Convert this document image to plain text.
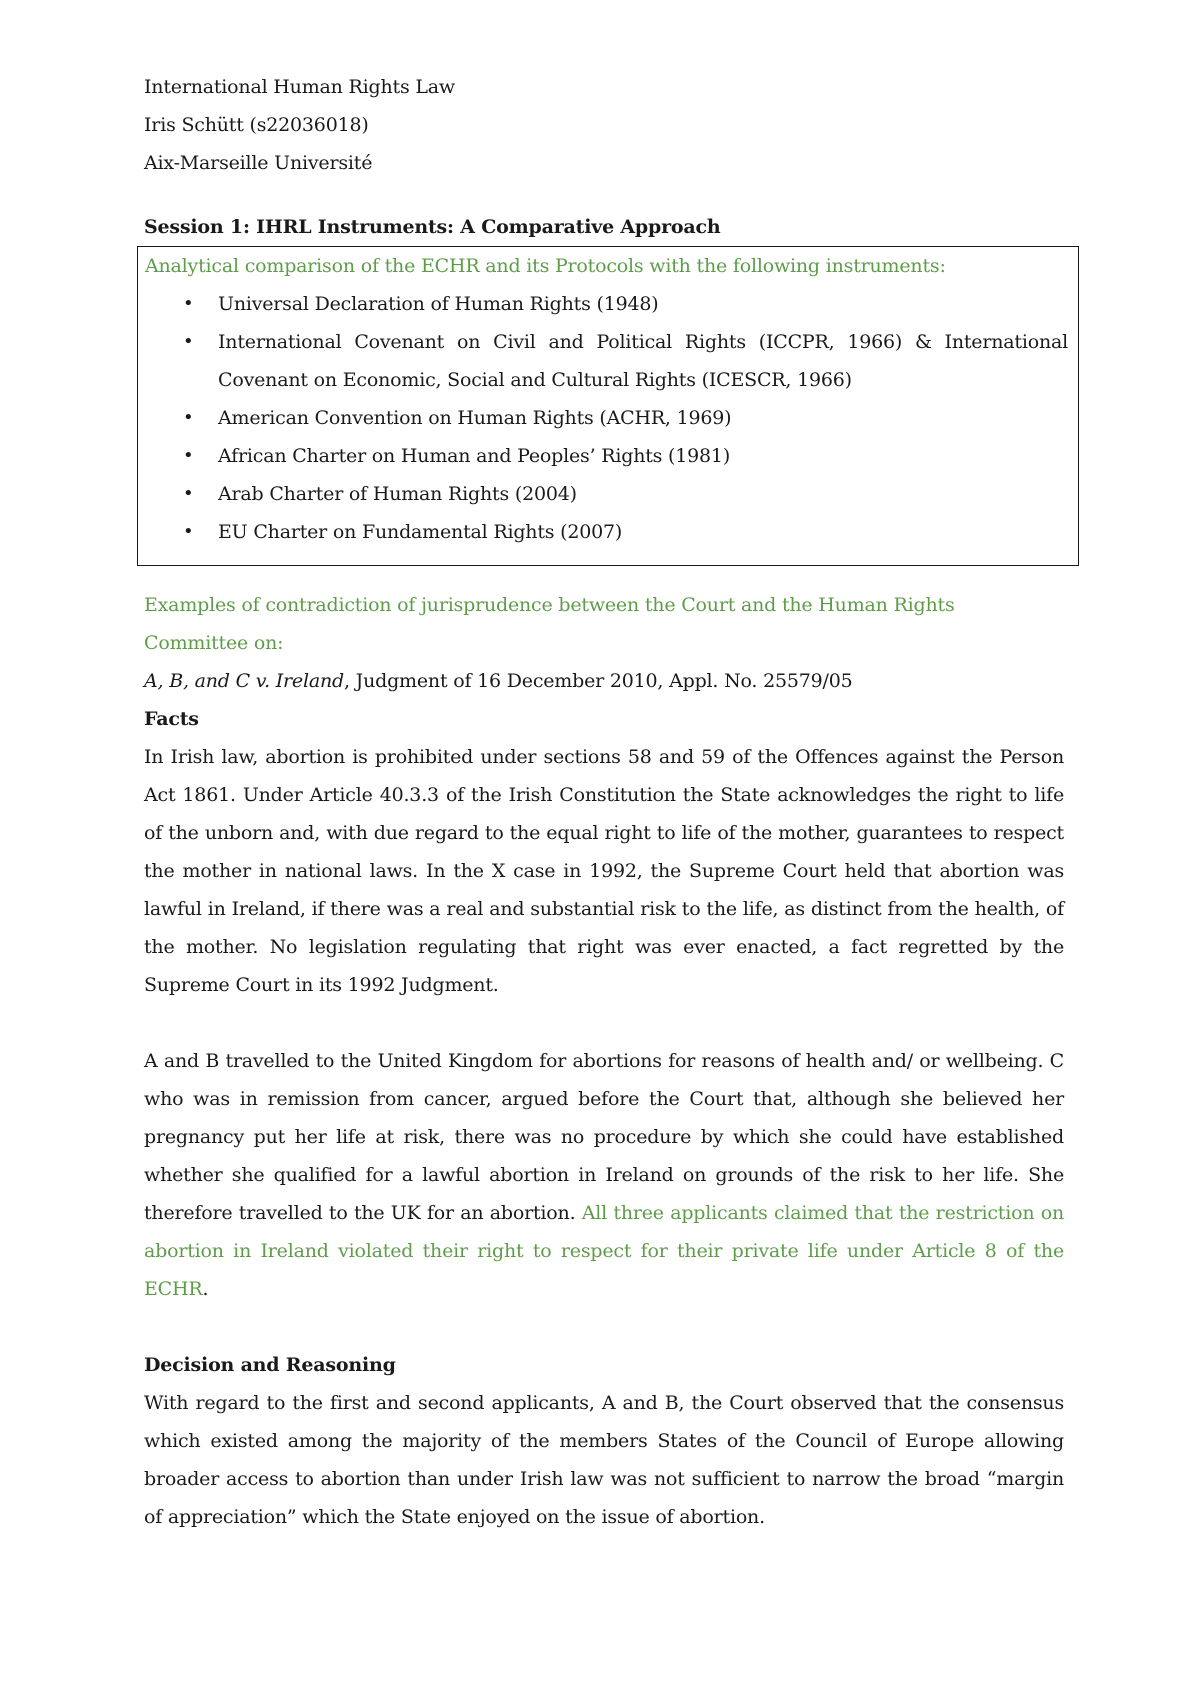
International Human Rights Law
Iris Schütt (s22036018)
Aix-Marseille Université
Session 1: IHRL Instruments: A Comparative Approach
Analytical comparison of the ECHR and its Protocols with the following instruments:
• Universal Declaration of Human Rights (1948)
• International Covenant on Civil and Political Rights (ICCPR, 1966) & International Covenant on Economic, Social and Cultural Rights (ICESCR, 1966)
• American Convention on Human Rights (ACHR, 1969)
• African Charter on Human and Peoples’ Rights (1981)
• Arab Charter of Human Rights (2004)
• EU Charter on Fundamental Rights (2007)
Examples of contradiction of jurisprudence between the Court and the Human Rights Committee on:
A, B, and C v. Ireland, Judgment of 16 December 2010, Appl. No. 25579/05
Facts

In Irish law, abortion is prohibited under sections 58 and 59 of the Offences against the Person Act 1861. Under Article 40.3.3 of the Irish Constitution the State acknowledges the right to life of the unborn and, with due regard to the equal right to life of the mother, guarantees to respect the mother in national laws. In the X case in 1992, the Supreme Court held that abortion was lawful in Ireland, if there was a real and substantial risk to the life, as distinct from the health, of the mother. No legislation regulating that right was ever enacted, a fact regretted by the Supreme Court in its 1992 Judgment.

A and B travelled to the United Kingdom for abortions for reasons of health and/ or wellbeing. C who was in remission from cancer, argued before the Court that, although she believed her pregnancy put her life at risk, there was no procedure by which she could have established whether she qualified for a lawful abortion in Ireland on grounds of the risk to her life. She therefore travelled to the UK for an abortion. All three applicants claimed that the restriction on abortion in Ireland violated their right to respect for their private life under Article 8 of the ECHR.

Decision and Reasoning

With regard to the first and second applicants, A and B, the Court observed that the consensus which existed among the majority of the members States of the Council of Europe allowing broader access to abortion than under Irish law was not sufficient to narrow the broad “margin of appreciation” which the State enjoyed on the issue of abortion.
